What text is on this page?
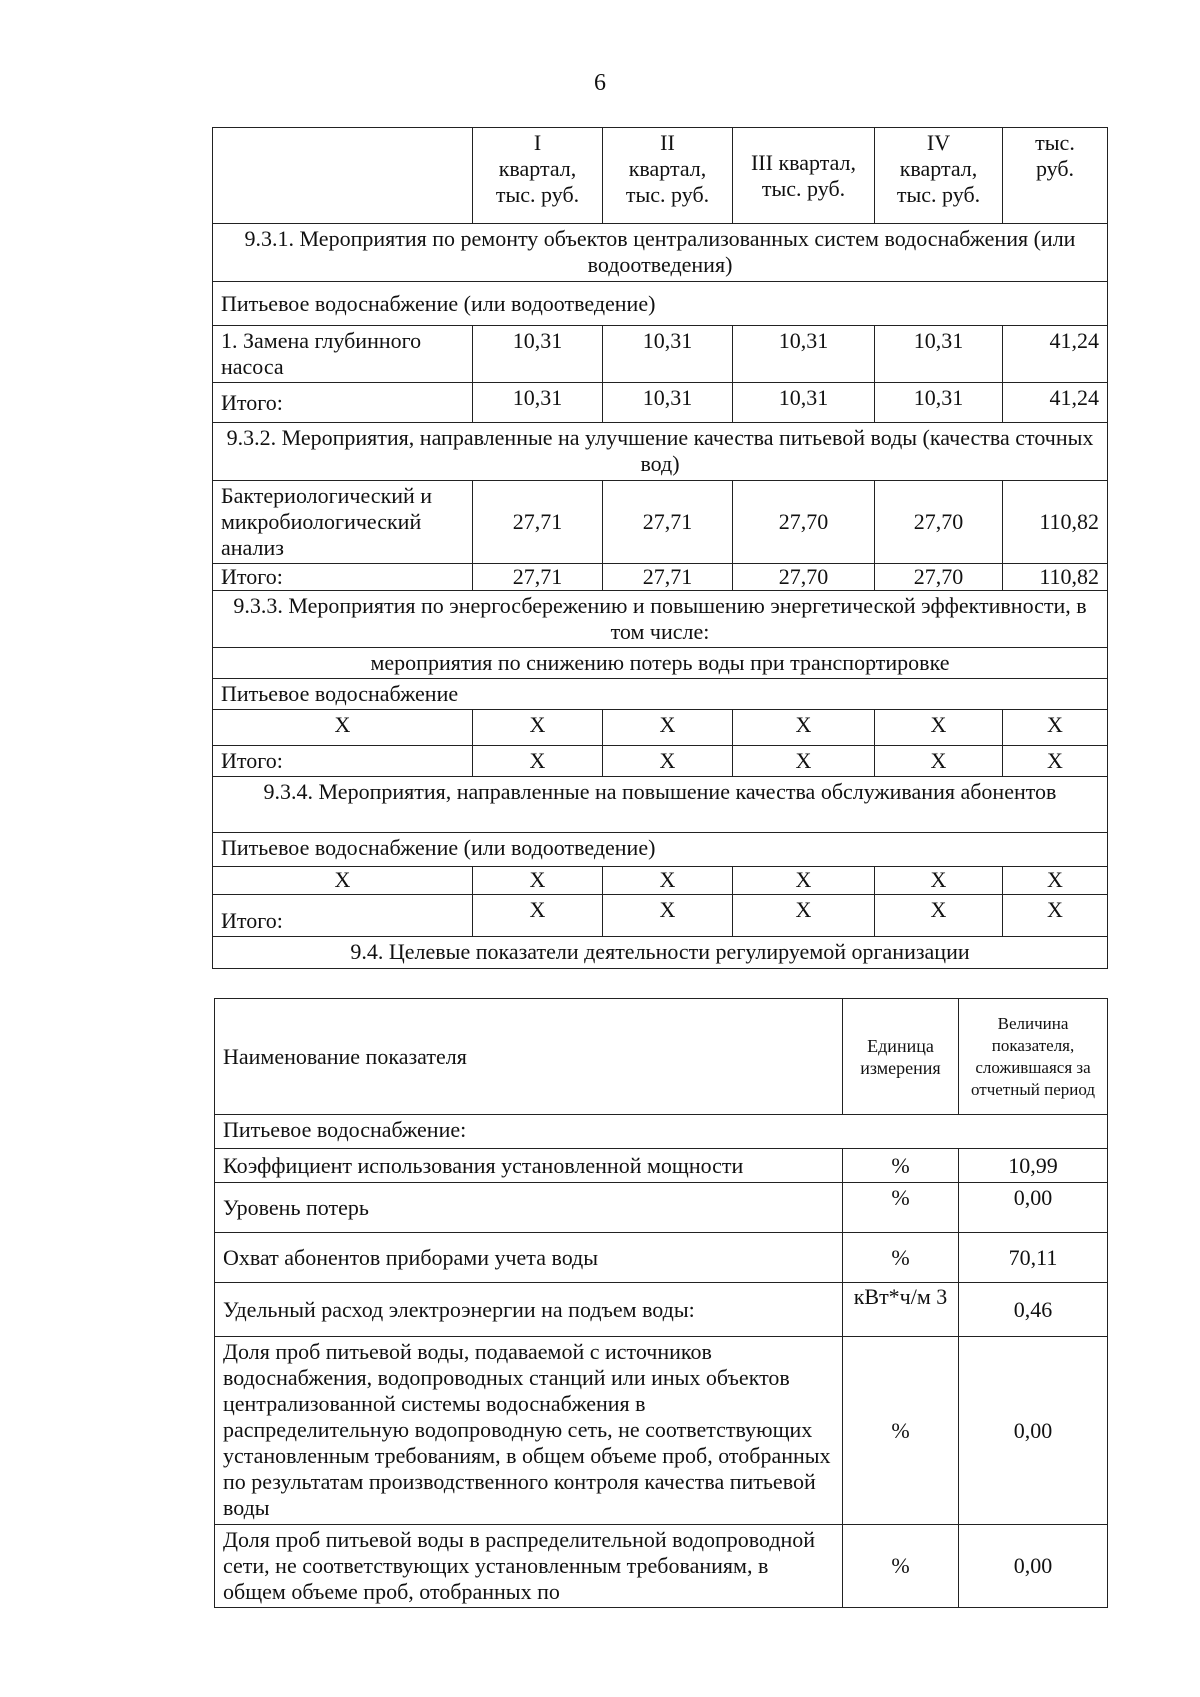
6
	I
квартал,
тыс. руб.	II
квартал,
тыс. руб.	III квартал,
тыс. руб.	IV
квартал,
тыс. руб.	тыс.
руб.
9.3.1. Мероприятия по ремонту объектов централизованных систем водоснабжения (или водоотведения)					
Питьевое водоснабжение (или водоотведение)					
1. Замена глубинного насоса	10,31	10,31	10,31	10,31	41,24
Итого:	10,31	10,31	10,31	10,31	41,24
9.3.2. Мероприятия, направленные на улучшение качества питьевой воды (качества сточных вод)					
Бактериологический и микробиологический анализ	27,71	27,71	27,70	27,70	110,82
Итого:	27,71	27,71	27,70	27,70	110,82
9.3.3. Мероприятия по энергосбережению и повышению энергетической эффективности, в том числе:					
мероприятия по снижению потерь воды при транспортировке					
Питьевое водоснабжение					
Х	Х	Х	Х	Х	Х
Итого:	Х	Х	Х	Х	Х
9.3.4. Мероприятия, направленные на повышение качества обслуживания абонентов					
Питьевое водоснабжение (или водоотведение)					
Х	Х	Х	Х	Х	Х
Итого:	Х	Х	Х	Х	Х
9.4. Целевые показатели деятельности регулируемой организации					
Наименование показателя	Единица измерения	Величина показателя, сложившаяся за отчетный период
Питьевое водоснабжение:		
Коэффициент использования установленной мощности	%	10,99
Уровень потерь	%	0,00
Охват абонентов приборами учета воды	%	70,11
Удельный расход электроэнергии на подъем воды:	кВт*ч/м 3	0,46
Доля проб питьевой воды, подаваемой с источников водоснабжения, водопроводных станций или иных объектов централизованной системы водоснабжения в распределительную водопроводную сеть, не соответствующих установленным требованиям, в общем объеме проб, отобранных по результатам производственного контроля качества питьевой воды	%	0,00
Доля проб питьевой воды в распределительной водопроводной сети, не соответствующих установленным требованиям, в общем объеме проб, отобранных по	%	0,00
